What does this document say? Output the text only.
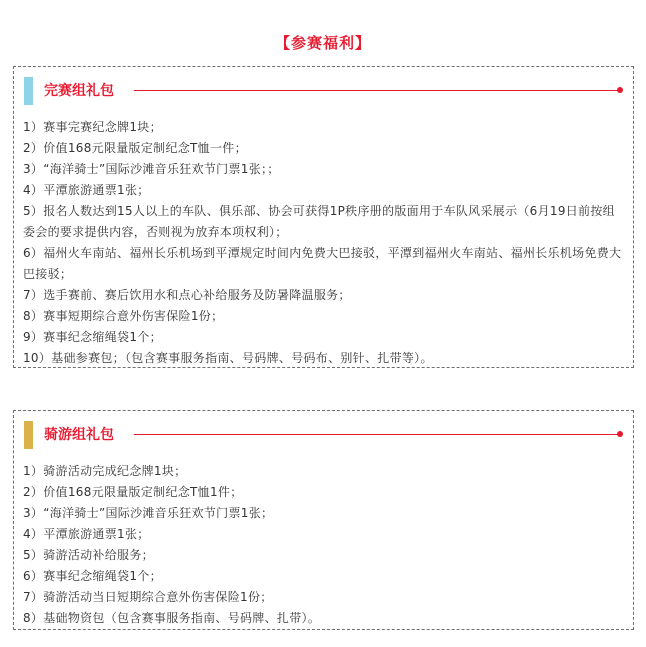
【参赛福利】
完赛组礼包
1）赛事完赛纪念牌1块；
2）价值168元限量版定制纪念T恤一件；
3）“海洋骑士”国际沙滩音乐狂欢节门票1张；；
4）平潭旅游通票1张；
5）报名人数达到15人以上的车队、俱乐部、协会可获得1P秩序册的版面用于车队风采展示（6月19日前按组委会的要求提供内容，否则视为放弃本项权利）；
6）福州火车南站、福州长乐机场到平潭规定时间内免费大巴接驳，平潭到福州火车南站、福州长乐机场免费大巴接驳；
7）选手赛前、赛后饮用水和点心补给服务及防暑降温服务；
8）赛事短期综合意外伤害保险1份；
9）赛事纪念缩绳袋1个；
10）基础参赛包；（包含赛事服务指南、号码牌、号码布、别针、扎带等）。
骑游组礼包
1）骑游活动完成纪念牌1块；
2）价值168元限量版定制纪念T恤1件；
3）“海洋骑士”国际沙滩音乐狂欢节门票1张；
4）平潭旅游通票1张；
5）骑游活动补给服务；
6）赛事纪念缩绳袋1个；
7）骑游活动当日短期综合意外伤害保险1份；
8）基础物资包（包含赛事服务指南、号码牌、扎带）。
